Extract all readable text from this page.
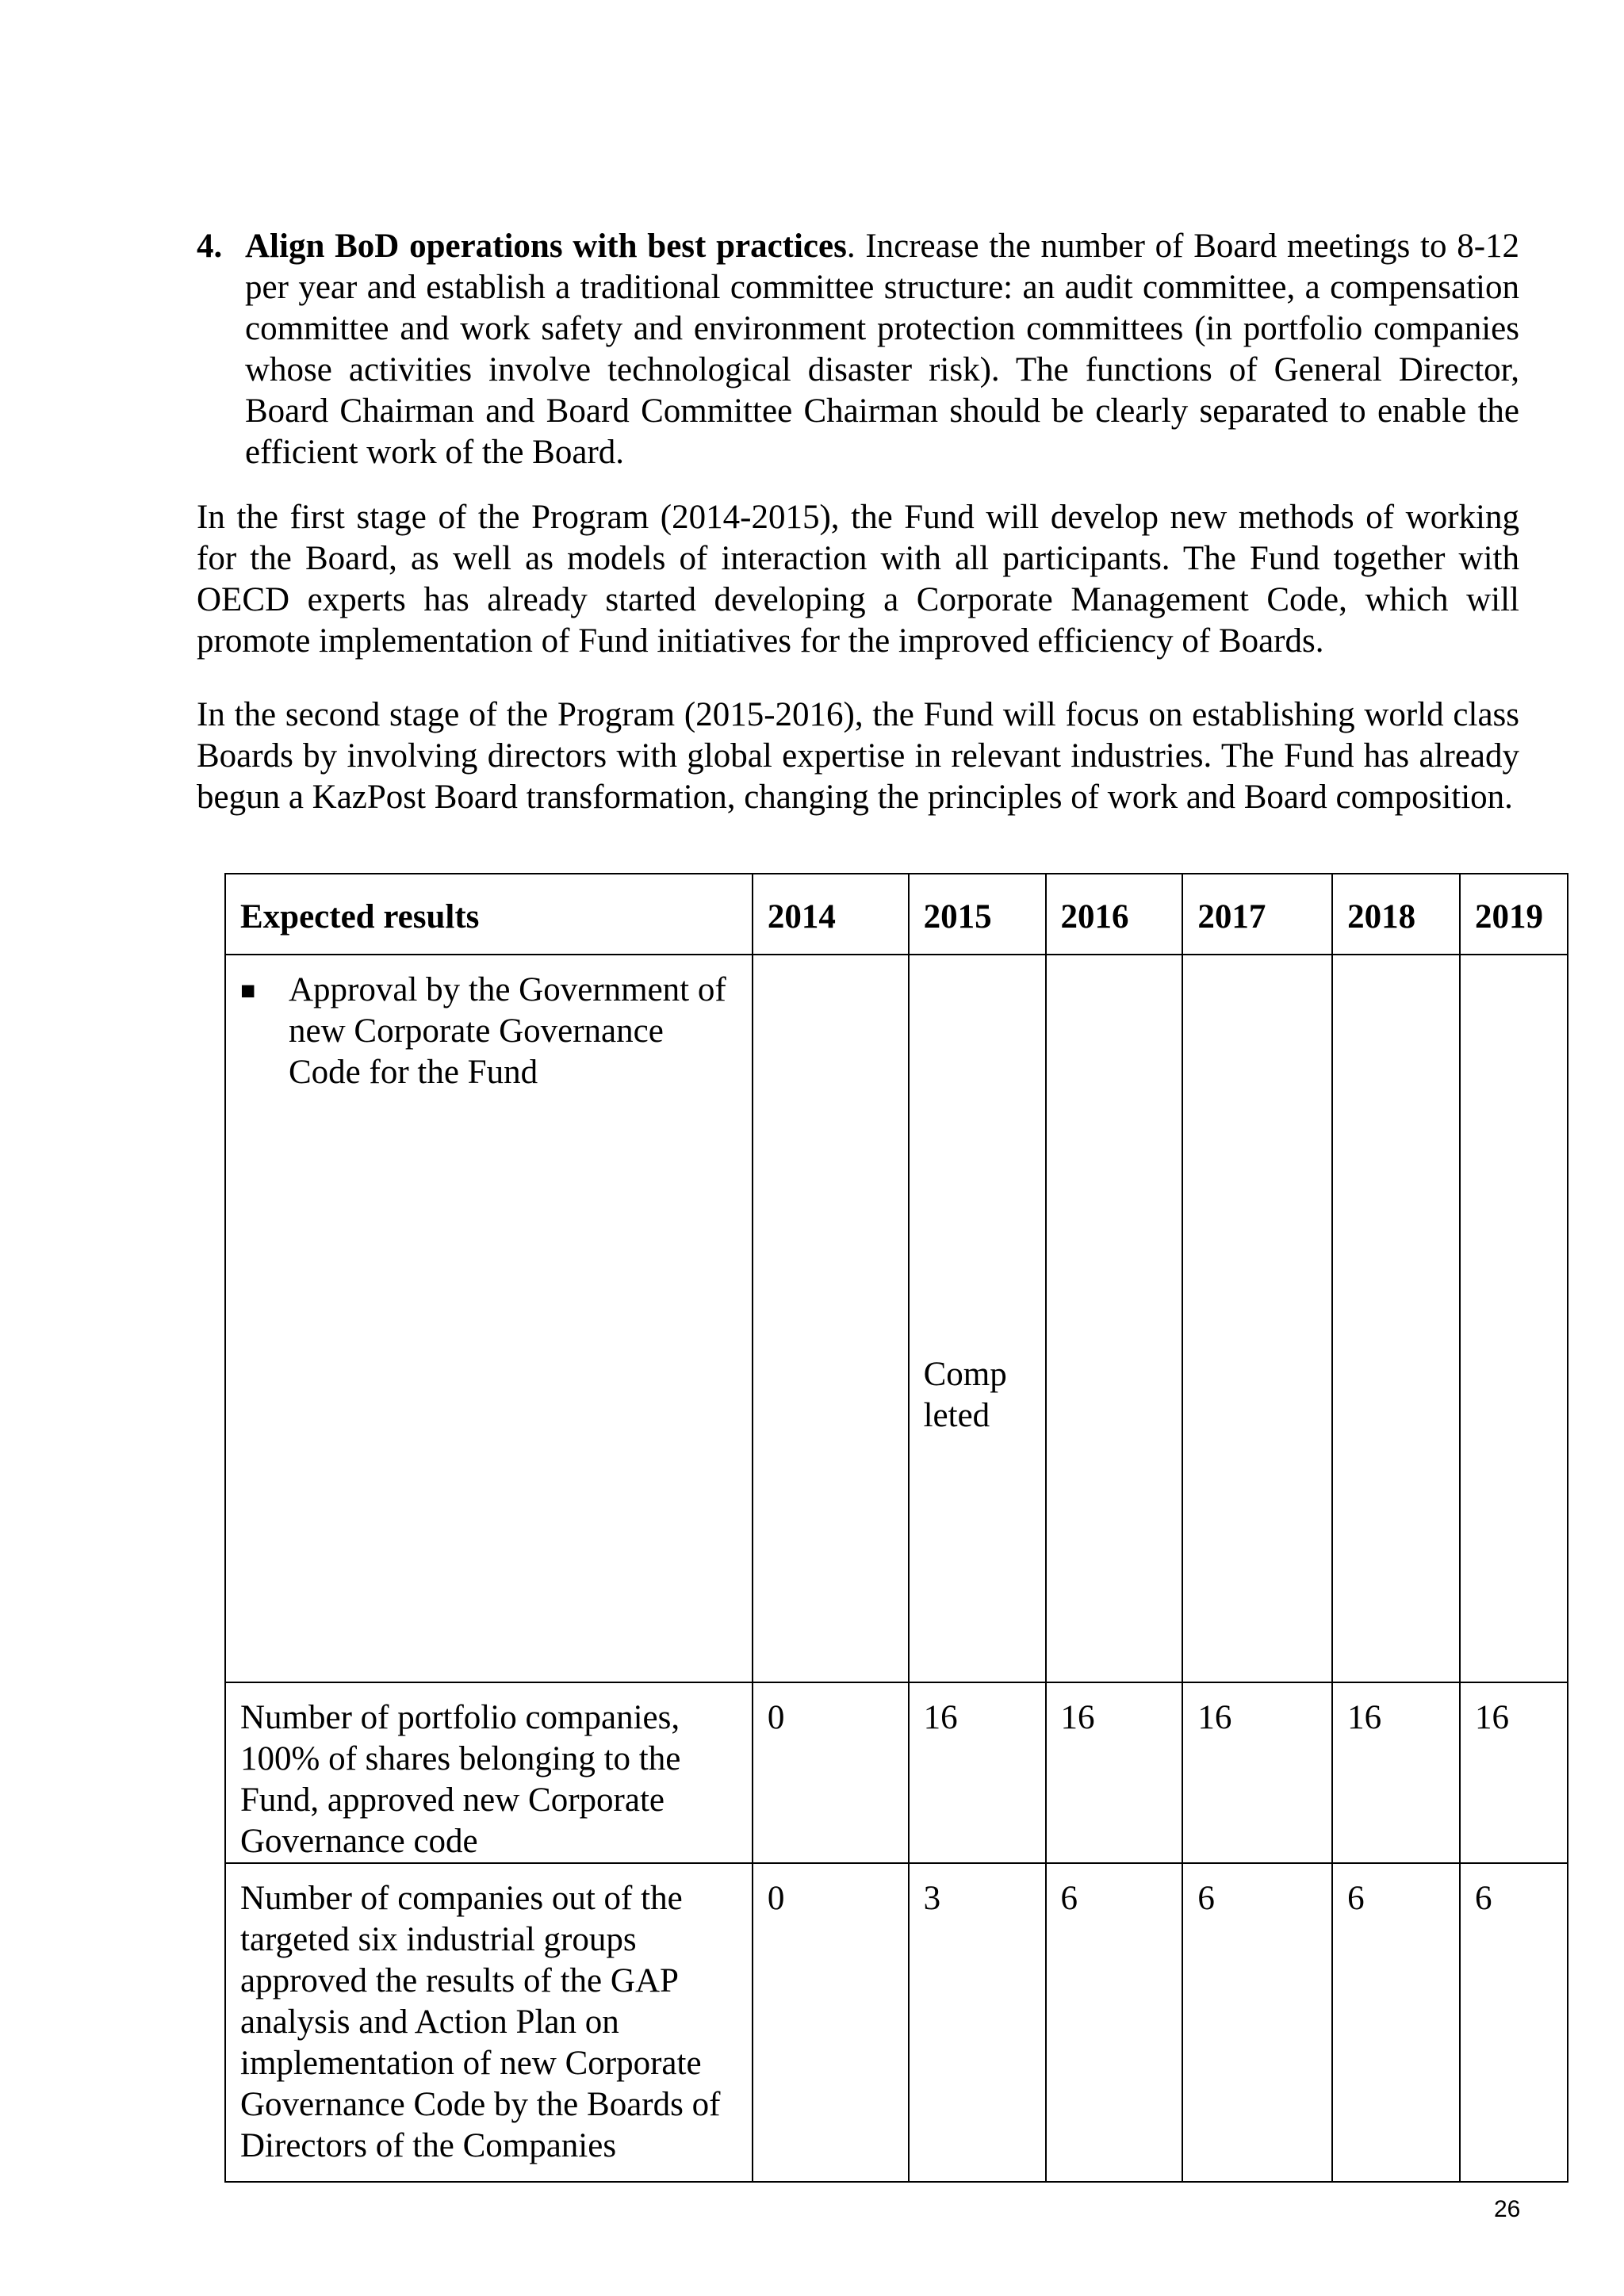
4. Align BoD operations with best practices. Increase the number of Board meetings to 8-12 per year and establish a traditional committee structure: an audit committee, a compensation committee and work safety and environment protection committees (in portfolio companies whose activities involve technological disaster risk). The functions of General Director, Board Chairman and Board Committee Chairman should be clearly separated to enable the efficient work of the Board.
In the first stage of the Program (2014-2015), the Fund will develop new methods of working for the Board, as well as models of interaction with all participants. The Fund together with OECD experts has already started developing a Corporate Management Code, which will promote implementation of Fund initiatives for the improved efficiency of Boards.
In the second stage of the Program (2015-2016), the Fund will focus on establishing world class Boards by involving directors with global expertise in relevant industries. The Fund has already begun a KazPost Board transformation, changing the principles of work and Board composition.
Expected results	2014	2015	2016	2017	2018	2019

■ Approval by the Government of new Corporate Governance Code for the Fund		Completed				

Number of portfolio companies, 100% of shares belonging to the Fund, approved new Corporate Governance code	0	16	16	16	16	16
Number of companies out of the targeted six industrial groups approved the results of the GAP analysis and Action Plan on implementation of new Corporate Governance Code by the Boards of Directors of the Companies	0	3	6	6	6	6
26
